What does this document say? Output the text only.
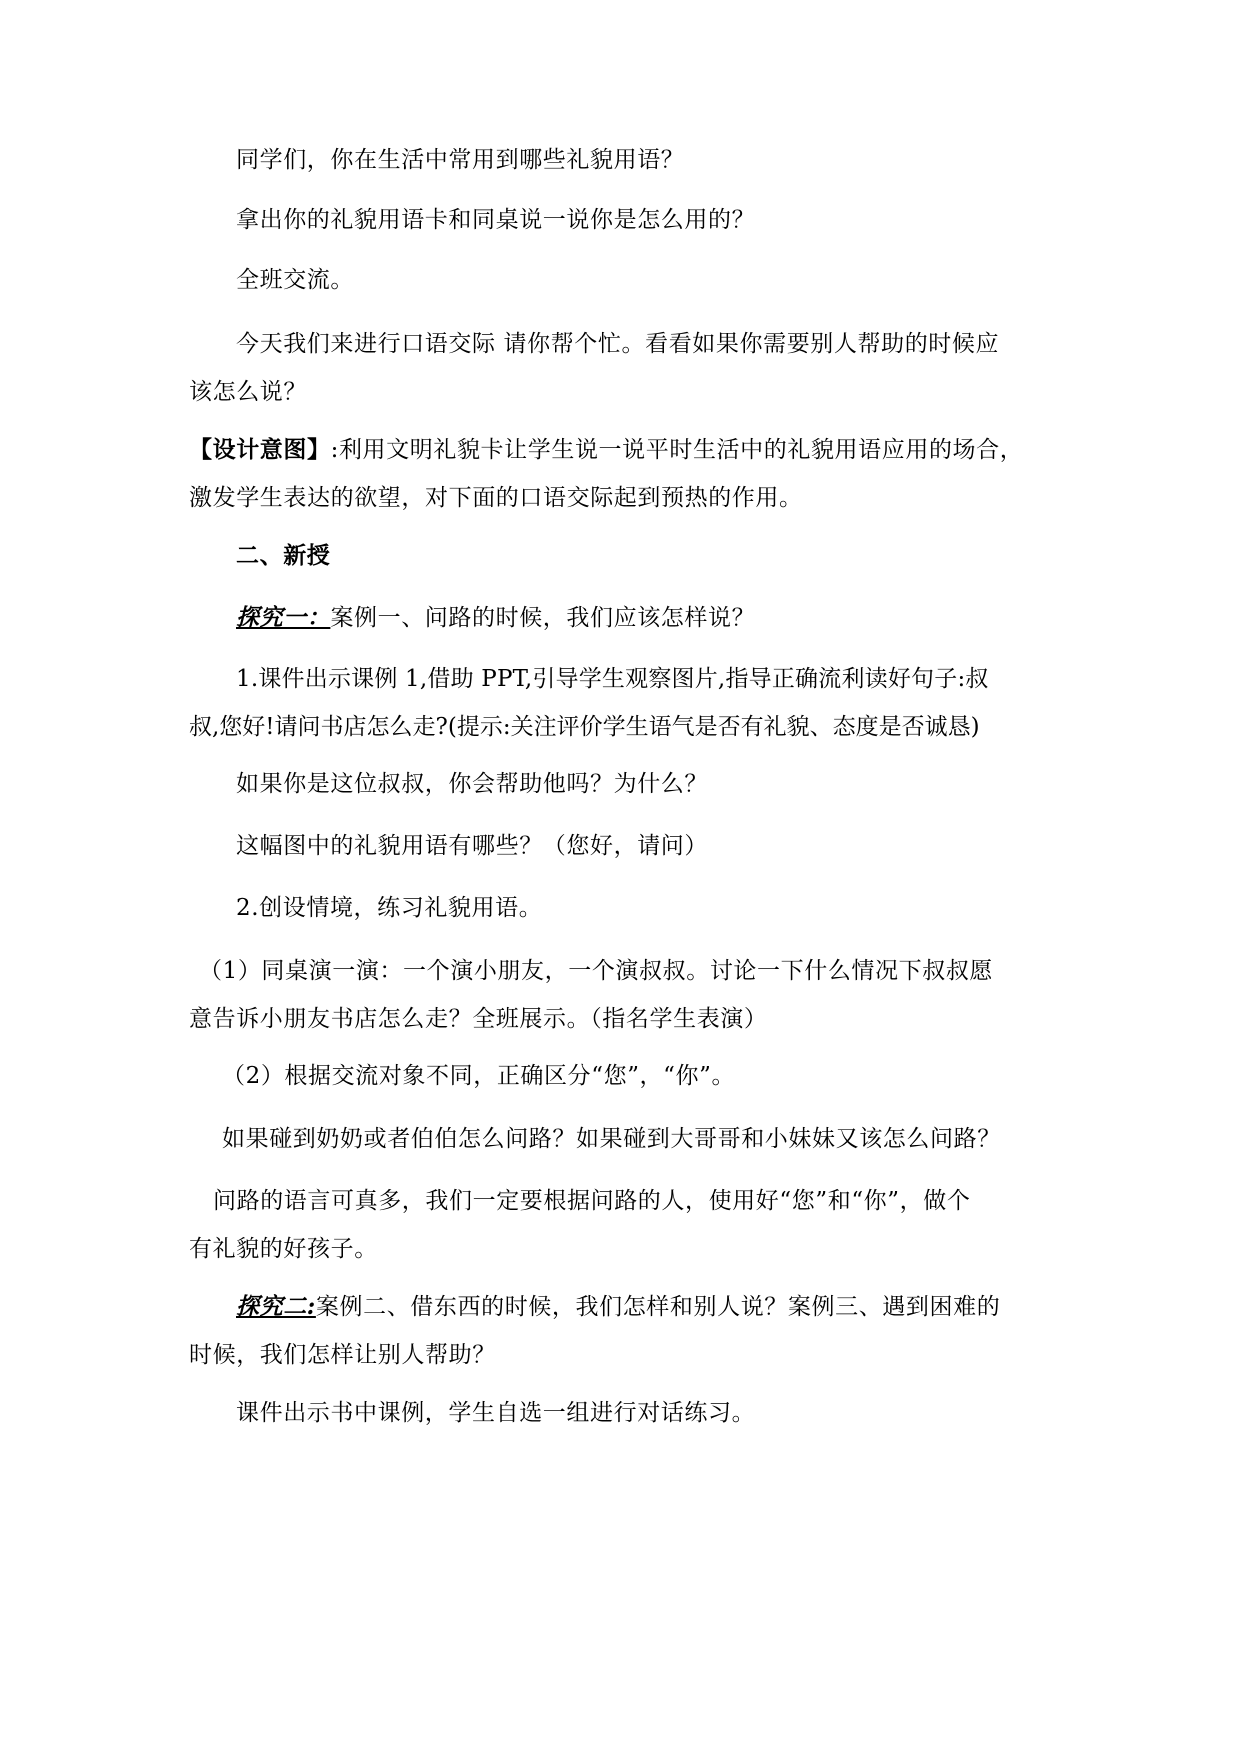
同学们，你在生活中常用到哪些礼貌用语？
拿出你的礼貌用语卡和同桌说一说你是怎么用的？
全班交流。
今天我们来进行口语交际 请你帮个忙。看看如果你需要别人帮助的时候应
该怎么说？
【设计意图】:利用文明礼貌卡让学生说一说平时生活中的礼貌用语应用的场合，
激发学生表达的欲望，对下面的口语交际起到预热的作用。
二、新授
探究一：案例一、问路的时候，我们应该怎样说？
1.课件出示课例 1,借助 PPT,引导学生观察图片,指导正确流利读好句子:叔
叔,您好!请问书店怎么走?(提示:关注评价学生语气是否有礼貌、态度是否诚恳)
如果你是这位叔叔，你会帮助他吗？为什么？
这幅图中的礼貌用语有哪些？（您好，请问）
2.创设情境，练习礼貌用语。
（1）同桌演一演：一个演小朋友，一个演叔叔。讨论一下什么情况下叔叔愿
意告诉小朋友书店怎么走？全班展示。（指名学生表演）
（2）根据交流对象不同，正确区分“您”，“你”。
如果碰到奶奶或者伯伯怎么问路？如果碰到大哥哥和小妹妹又该怎么问路？
问路的语言可真多，我们一定要根据问路的人，使用好“您”和“你”，做个
有礼貌的好孩子。
探究二:案例二、借东西的时候，我们怎样和别人说？案例三、遇到困难的
时候，我们怎样让别人帮助？
课件出示书中课例，学生自选一组进行对话练习。
